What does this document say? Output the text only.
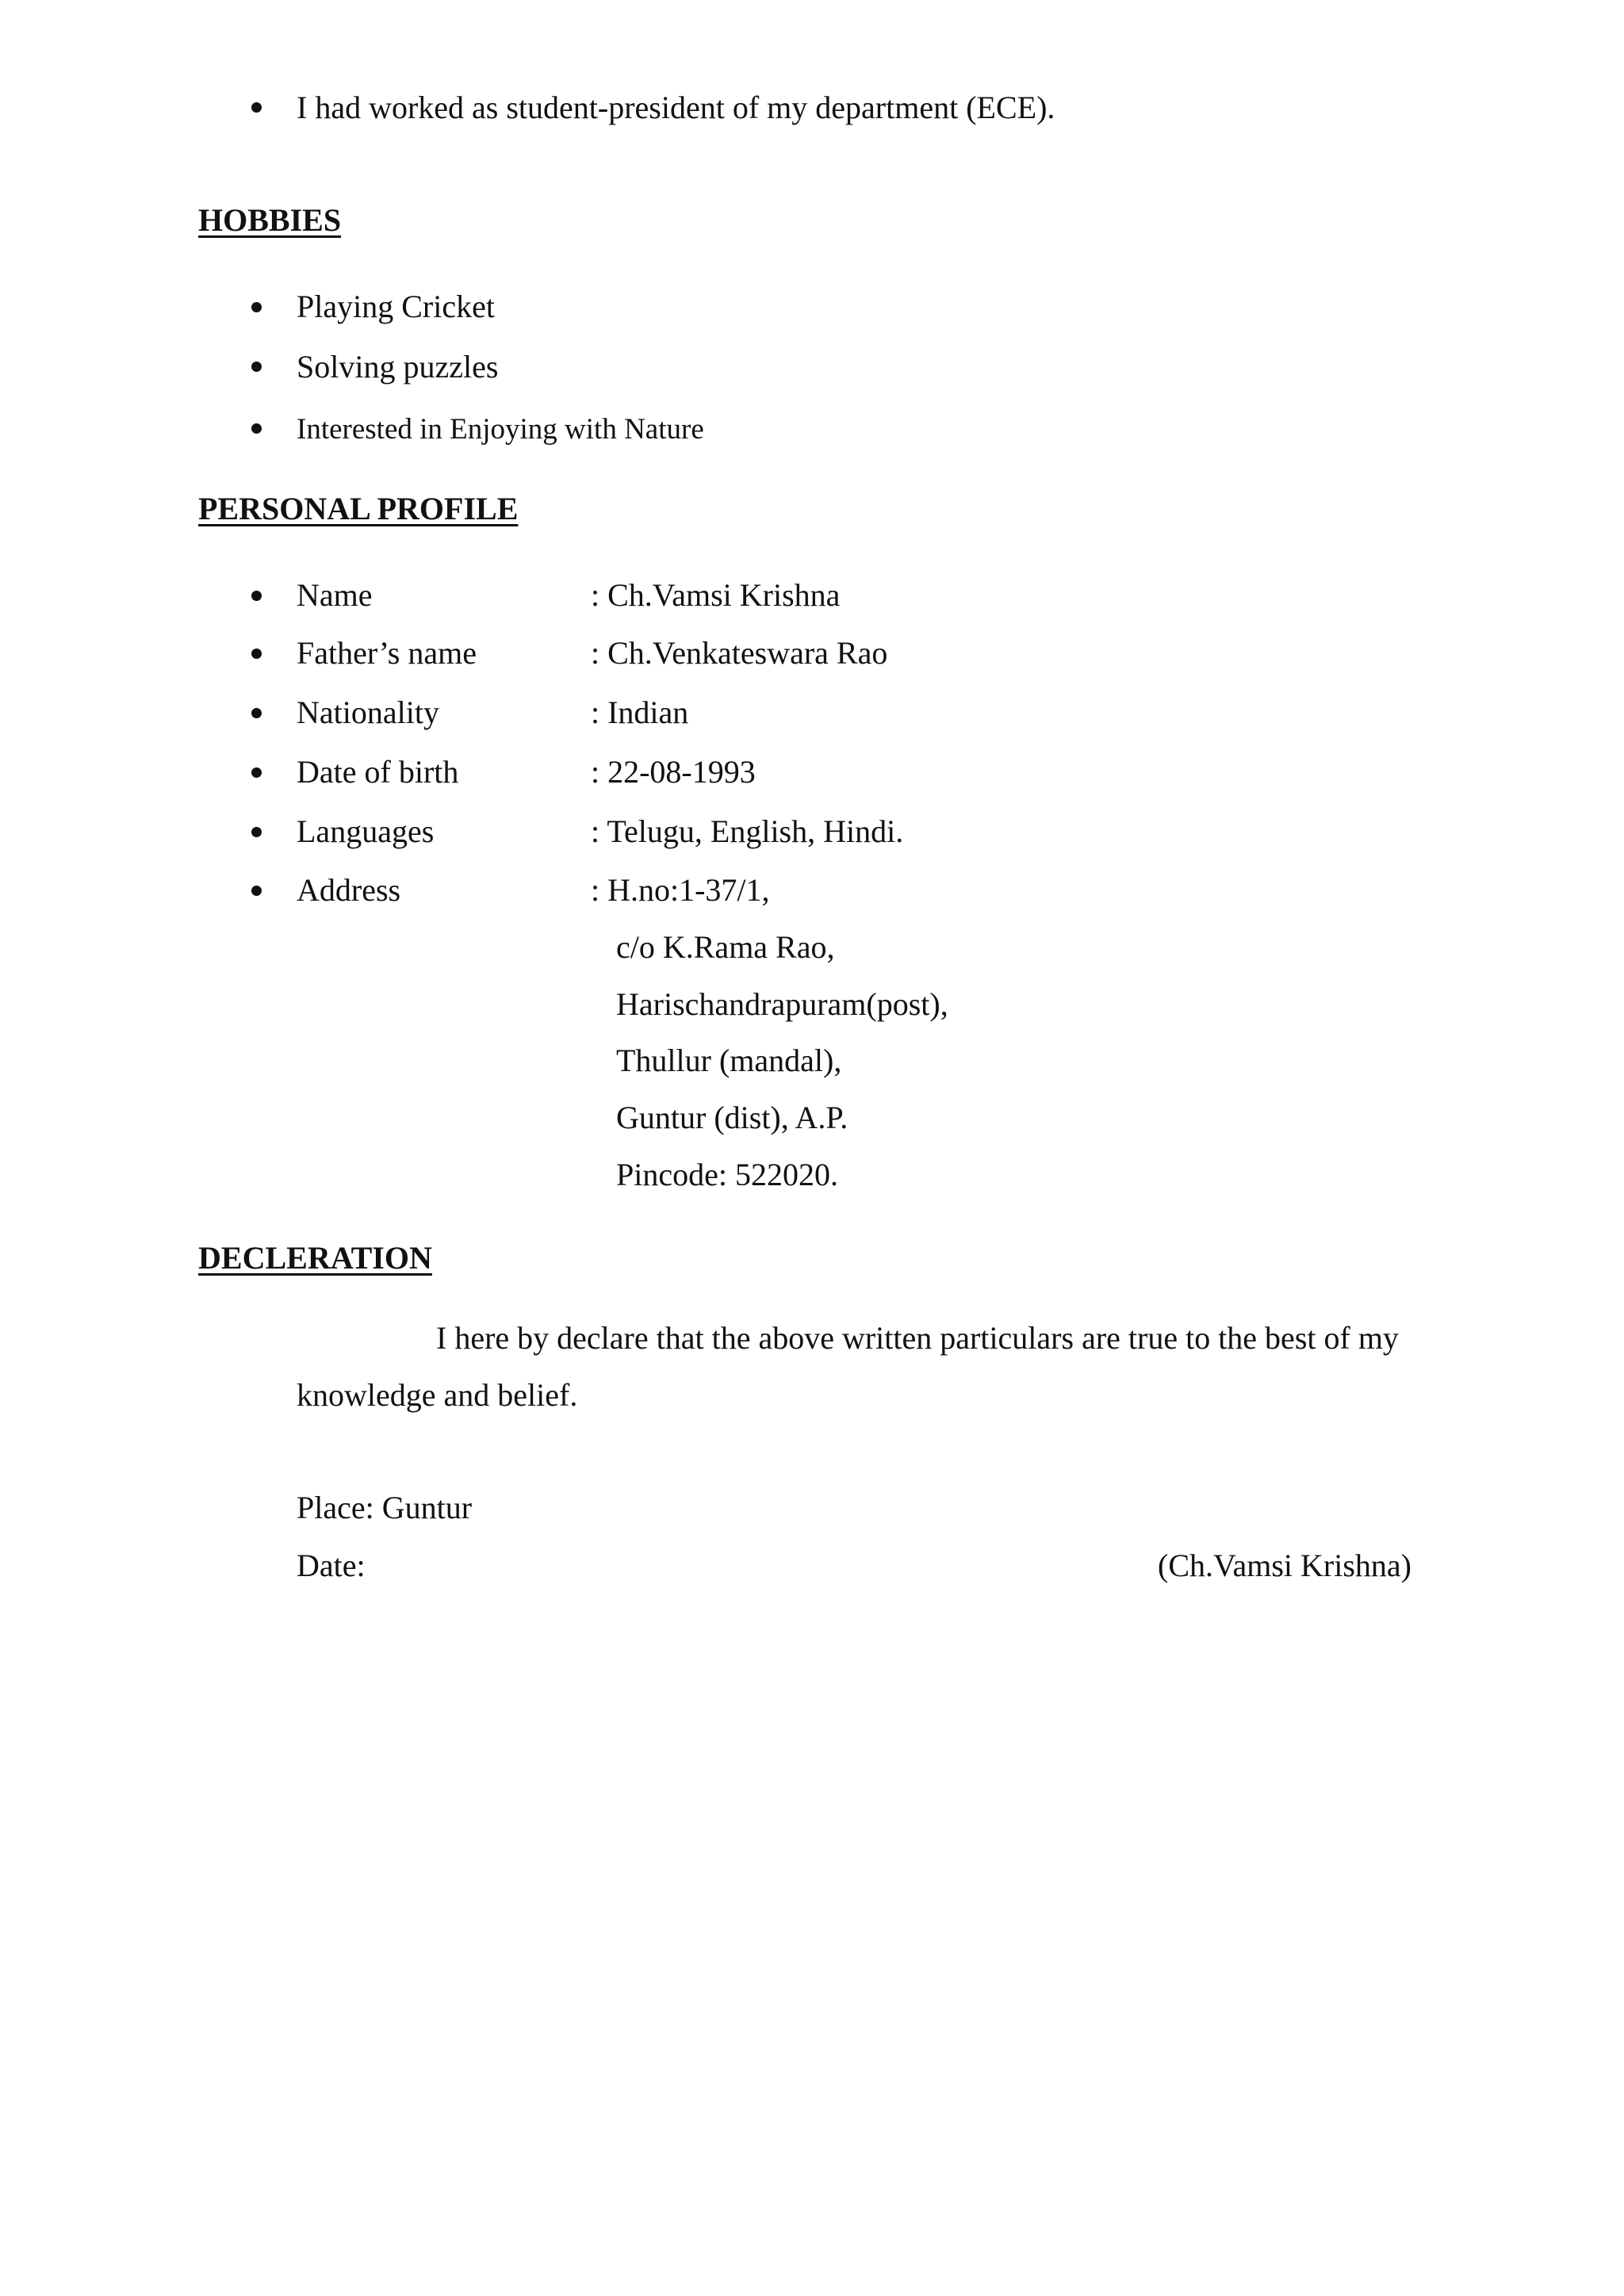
I had worked as student-president of my department (ECE).
HOBBIES
Playing Cricket
Solving puzzles
Interested in Enjoying with Nature
PERSONAL PROFILE
Name	: Ch.Vamsi Krishna
Father’s name	: Ch.Venkateswara Rao
Nationality	: Indian
Date of birth	: 22-08-1993
Languages	: Telugu, English, Hindi.
Address	: H.no:1-37/1,
c/o K.Rama Rao,
Harischandrapuram(post),
Thullur (mandal),
Guntur (dist), A.P.
Pincode: 522020.
DECLERATION
I here by declare that the above written particulars are true to the best of my
knowledge and belief.
Place: Guntur
Date:	(Ch.Vamsi Krishna)
